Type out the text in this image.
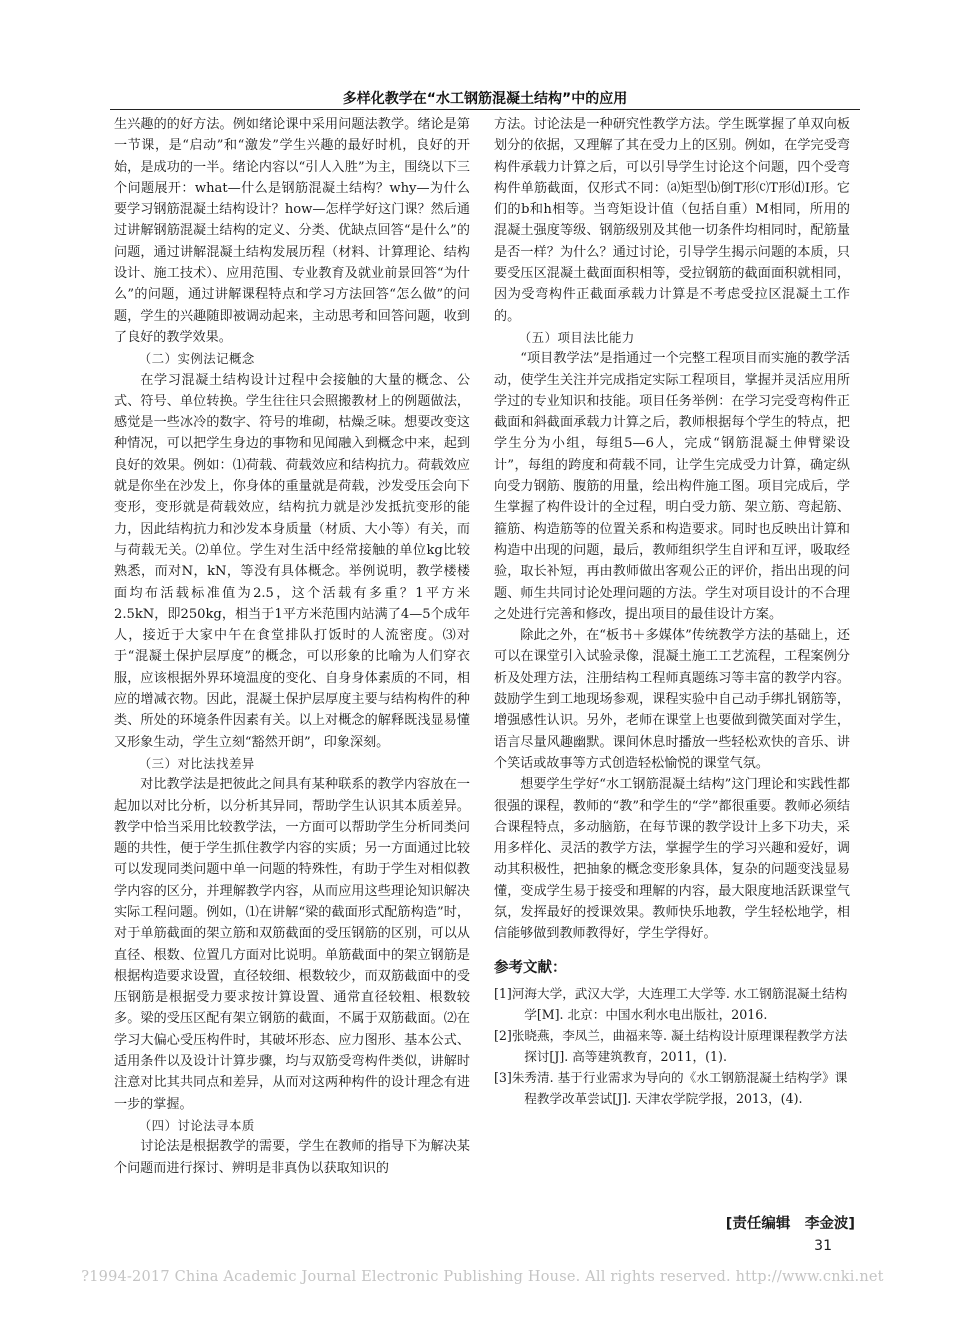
多样化教学在“水工钢筋混凝土结构”中的应用

生兴趣的的好方法。例如绪论课中采用问题法教学。绪论是第一节课，是“启动”和“激发”学生兴趣的最好时机，良好的开始，是成功的一半。绪论内容以“引人入胜”为主，围绕以下三个问题展开：what—什么是钢筋混凝土结构？why—为什么要学习钢筋混凝土结构设计？how—怎样学好这门课？然后通过讲解钢筋混凝土结构的定义、分类、优缺点回答“是什么”的问题，通过讲解混凝土结构发展历程（材料、计算理论、结构设计、施工技术）、应用范围、专业教育及就业前景回答“为什么”的问题，通过讲解课程特点和学习方法回答“怎么做”的问题，学生的兴趣随即被调动起来，主动思考和回答问题，收到了良好的教学效果。

（二）实例法记概念

在学习混凝土结构设计过程中会接触的大量的概念、公式、符号、单位转换。学生往往只会照搬教材上的例题做法，感觉是一些冰冷的数字、符号的堆砌，枯燥乏味。想要改变这种情况，可以把学生身边的事物和见闻融入到概念中来，起到良好的效果。例如：⑴荷载、荷载效应和结构抗力。荷载效应就是你坐在沙发上，你身体的重量就是荷载，沙发受压会向下变形，变形就是荷载效应，结构抗力就是沙发抵抗变形的能力，因此结构抗力和沙发本身质量（材质、大小等）有关，而与荷载无关。⑵单位。学生对生活中经常接触的单位kg比较熟悉，而对N，kN，等没有具体概念。举例说明，教学楼楼面均布活载标准值为2.5，这个活载有多重？1平方米2.5kN，即250kg，相当于1平方米范围内站满了4—5个成年人，接近于大家中午在食堂排队打饭时的人流密度。⑶对于“混凝土保护层厚度”的概念，可以形象的比喻为人们穿衣服，应该根据外界环境温度的变化、自身身体素质的不同，相应的增减衣物。因此，混凝土保护层厚度主要与结构构件的种类、所处的环境条件因素有关。以上对概念的解释既浅显易懂又形象生动，学生立刻“豁然开朗”，印象深刻。

（三）对比法找差异

对比教学法是把彼此之间具有某种联系的教学内容放在一起加以对比分析，以分析其异同，帮助学生认识其本质差异。教学中恰当采用比较教学法，一方面可以帮助学生分析同类问题的共性，便于学生抓住教学内容的实质；另一方面通过比较可以发现同类问题中单一问题的特殊性，有助于学生对相似教学内容的区分，并理解教学内容，从而应用这些理论知识解决实际工程问题。例如，⑴在讲解“梁的截面形式配筋构造”时，对于单筋截面的架立筋和双筋截面的受压钢筋的区别，可以从直径、根数、位置几方面对比说明。单筋截面中的架立钢筋是根据构造要求设置，直径较细、根数较少，而双筋截面中的受压钢筋是根据受力要求按计算设置、通常直径较粗、根数较多。梁的受压区配有架立钢筋的截面，不属于双筋截面。⑵在学习大偏心受压构件时，其破坏形态、应力图形、基本公式、适用条件以及设计计算步骤，均与双筋受弯构件类似，讲解时注意对比其共同点和差异，从而对这两种构件的设计理念有进一步的掌握。

（四）讨论法寻本质

讨论法是根据教学的需要，学生在教师的指导下为解决某个问题而进行探讨、辨明是非真伪以获取知识的

方法。讨论法是一种研究性教学方法。学生既掌握了单双向板划分的依据，又理解了其在受力上的区别。例如，在学完受弯构件承载力计算之后，可以引导学生讨论这个问题，四个受弯构件单筋截面，仅形式不同：⒜矩型⒝倒T形⒞T形⒟I形。它们的b和h相等。当弯矩设计值（包括自重）M相同，所用的混凝土强度等级、钢筋级别及其他一切条件均相同时，配筋量是否一样？为什么？通过讨论，引导学生揭示问题的本质，只要受压区混凝土截面面积相等，受拉钢筋的截面面积就相同，因为受弯构件正截面承载力计算是不考虑受拉区混凝土工作的。

（五）项目法比能力

“项目教学法”是指通过一个完整工程项目而实施的教学活动，使学生关注并完成指定实际工程项目，掌握并灵活应用所学过的专业知识和技能。项目任务举例：在学习完受弯构件正截面和斜截面承载力计算之后，教师根据每个学生的特点，把学生分为小组，每组5—6人，完成“钢筋混凝土伸臂梁设计”，每组的跨度和荷载不同，让学生完成受力计算，确定纵向受力钢筋、腹筋的用量，绘出构件施工图。项目完成后，学生掌握了构件设计的全过程，明白受力筋、架立筋、弯起筋、箍筋、构造筋等的位置关系和构造要求。同时也反映出计算和构造中出现的问题，最后，教师组织学生自评和互评，吸取经验，取长补短，再由教师做出客观公正的评价，指出出现的问题、师生共同讨论处理问题的方法。学生对项目设计的不合理之处进行完善和修改，提出项目的最佳设计方案。

除此之外，在“板书＋多媒体”传统教学方法的基础上，还可以在课堂引入试验录像，混凝土施工工艺流程，工程案例分析及处理方法，注册结构工程师真题练习等丰富的教学内容。鼓励学生到工地现场参观，课程实验中自己动手绑扎钢筋等，增强感性认识。另外，老师在课堂上也要做到微笑面对学生，语言尽量风趣幽默。课间休息时播放一些轻松欢快的音乐、讲个笑话或故事等方式创造轻松愉悦的课堂气氛。

想要学生学好“水工钢筋混凝土结构”这门理论和实践性都很强的课程，教师的“教”和学生的“学”都很重要。教师必须结合课程特点，多动脑筋，在每节课的教学设计上多下功夫，采用多样化、灵活的教学方法，掌握学生的学习兴趣和爱好，调动其积极性，把抽象的概念变形象具体，复杂的问题变浅显易懂，变成学生易于接受和理解的内容，最大限度地活跃课堂气氛，发挥最好的授课效果。教师快乐地教，学生轻松地学，相信能够做到教师教得好，学生学得好。

参考文献：
[1]河海大学，武汉大学，大连理工大学等. 水工钢筋混凝土结构学[M]. 北京：中国水利水电出版社，2016.
[2]张晓燕，李凤兰，曲福来等. 凝土结构设计原理课程教学方法探讨[J]. 高等建筑教育，2011，(1).
[3]朱秀清. 基于行业需求为导向的《水工钢筋混凝土结构学》课程教学改革尝试[J]. 天津农学院学报，2013，(4).
[责任编辑　李金波]
31
?1994-2017 China Academic Journal Electronic Publishing House. All rights reserved. http://www.cnki.net
